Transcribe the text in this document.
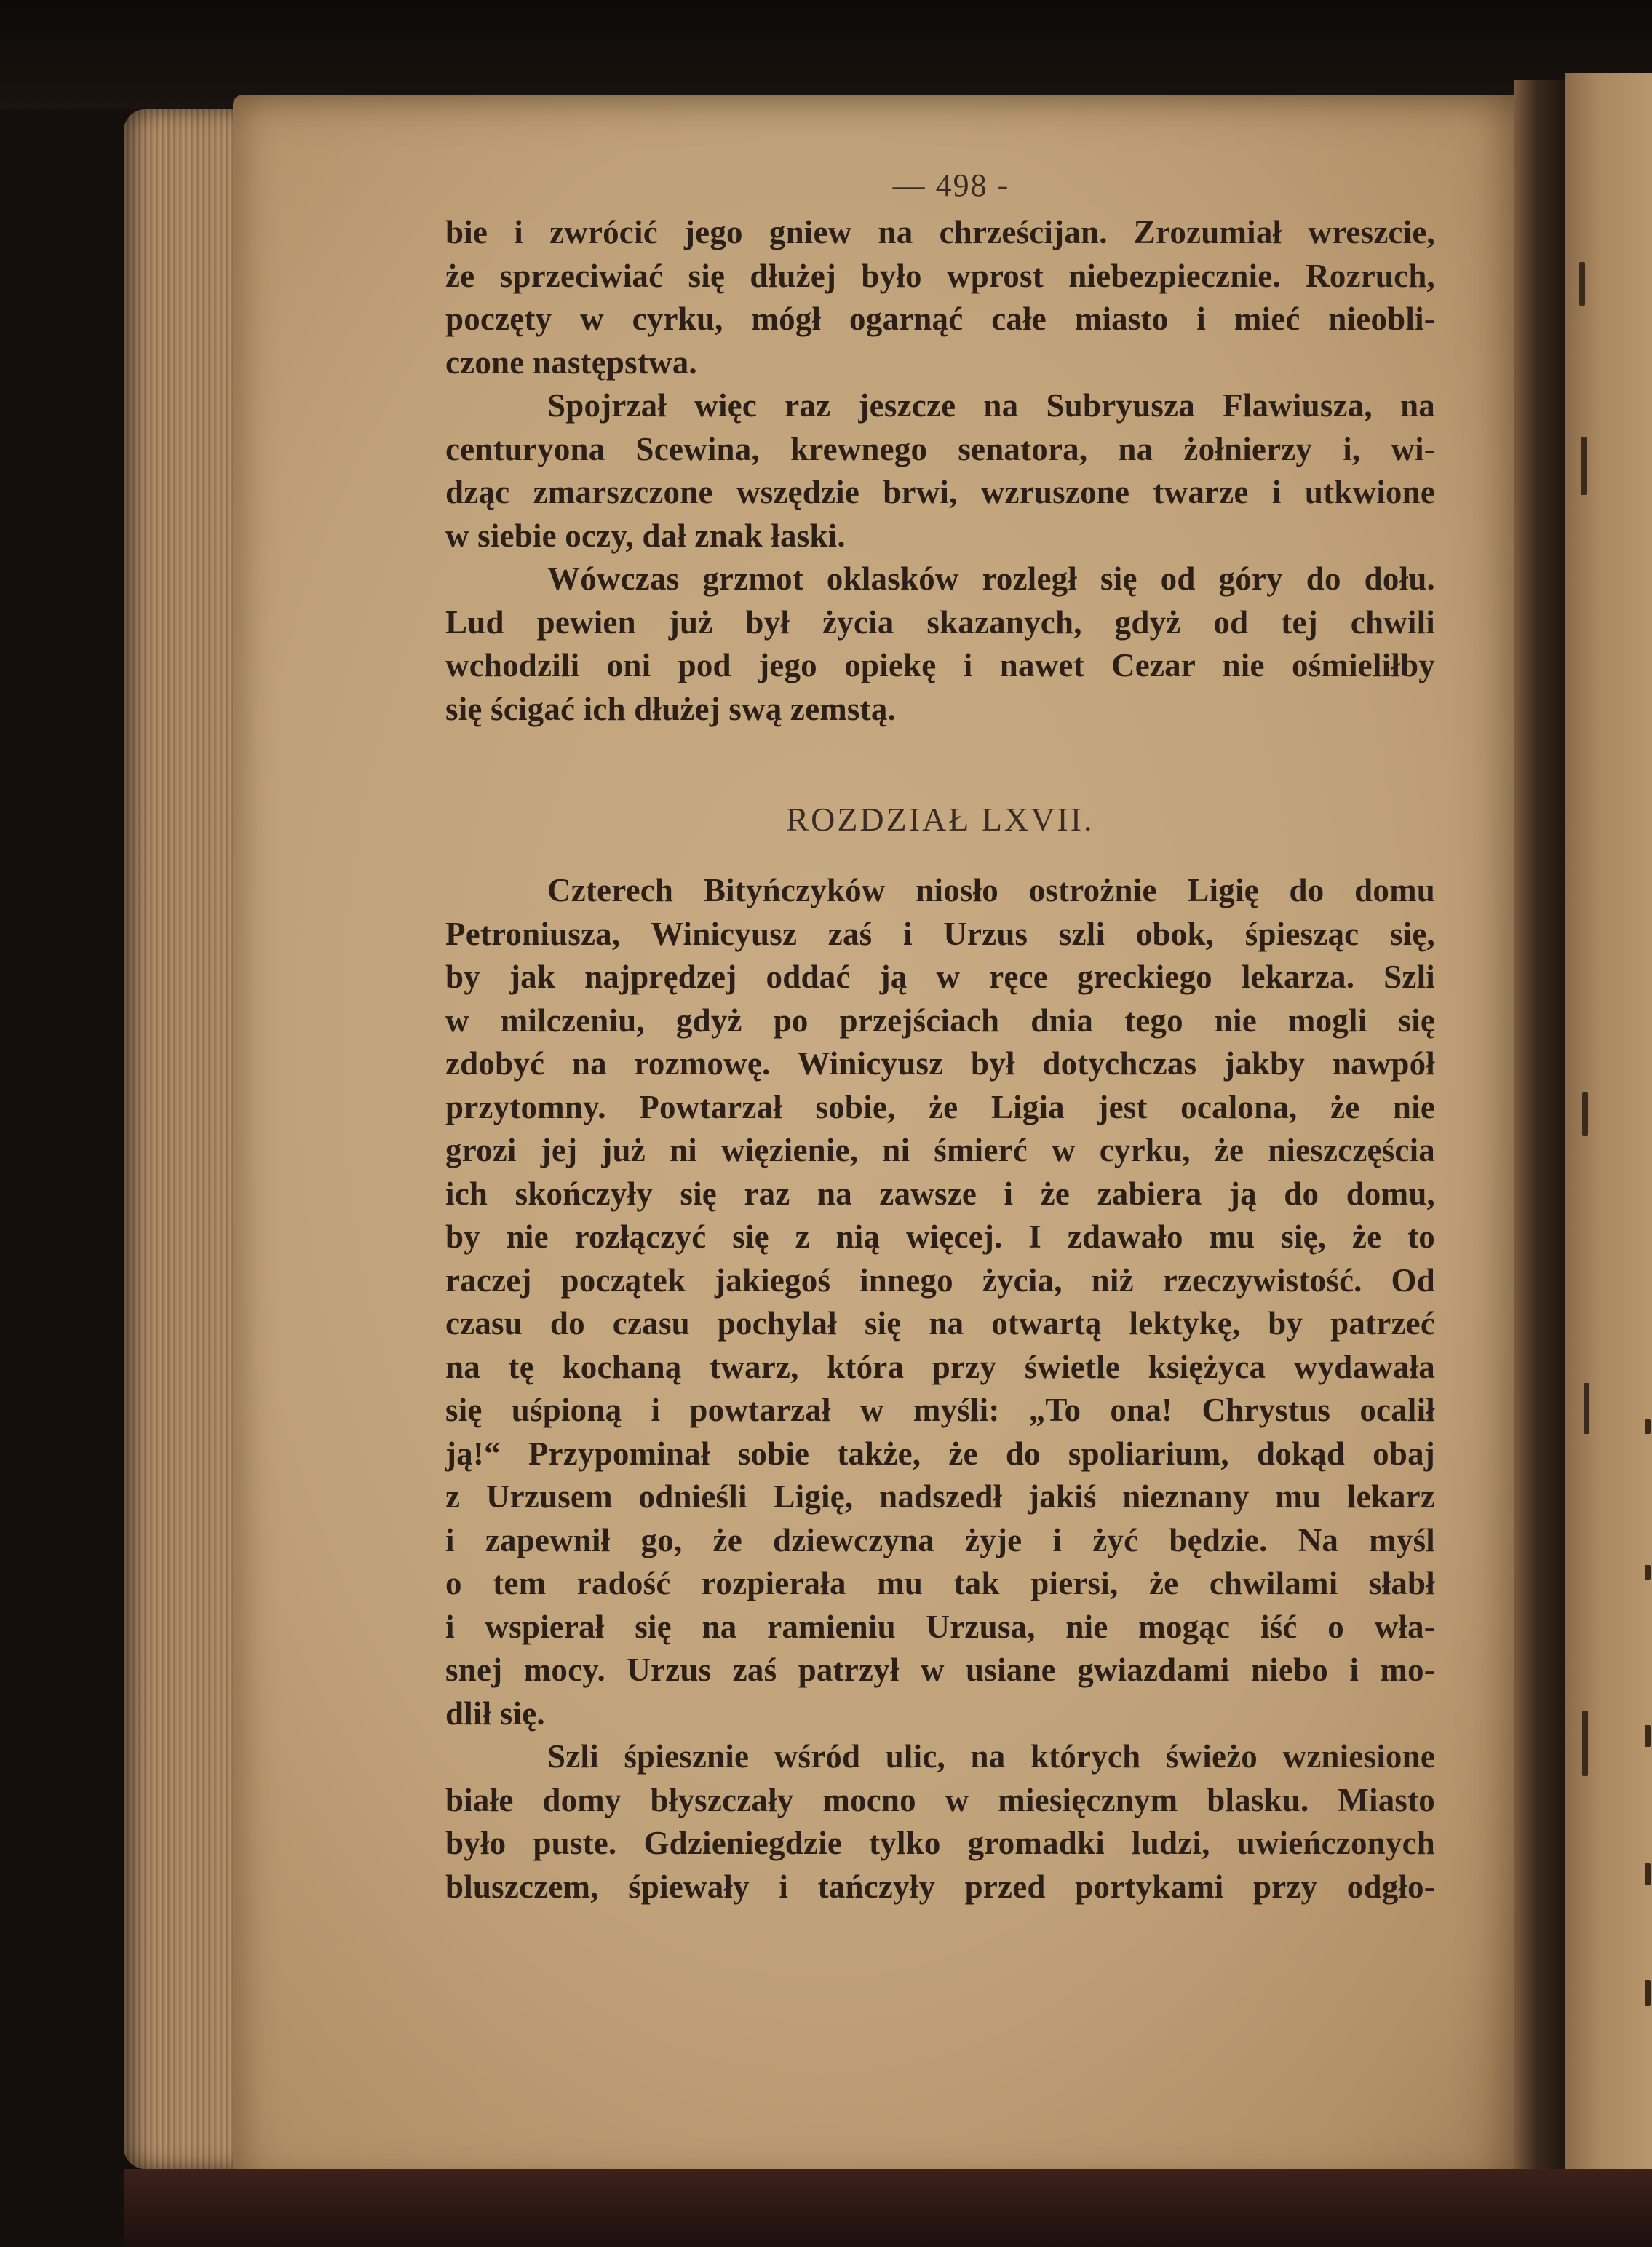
— 498 -
bie i zwrócić jego gniew na chrześcijan. Zrozumiał wreszcie,
że sprzeciwiać się dłużej było wprost niebezpiecznie. Rozruch,
poczęty w cyrku, mógł ogarnąć całe miasto i mieć nieobli-
czone następstwa.
Spojrzał więc raz jeszcze na Subryusza Flawiusza, na
centuryona Scewina, krewnego senatora, na żołnierzy i, wi-
dząc zmarszczone wszędzie brwi, wzruszone twarze i utkwione
w siebie oczy, dał znak łaski.
Wówczas grzmot oklasków rozległ się od góry do dołu.
Lud pewien już był życia skazanych, gdyż od tej chwili
wchodzili oni pod jego opiekę i nawet Cezar nie ośmieliłby
się ścigać ich dłużej swą zemstą.
ROZDZIAŁ LXVII.
Czterech Bityńczyków niosło ostrożnie Ligię do domu
Petroniusza, Winicyusz zaś i Urzus szli obok, śpiesząc się,
by jak najprędzej oddać ją w ręce greckiego lekarza. Szli
w milczeniu, gdyż po przejściach dnia tego nie mogli się
zdobyć na rozmowę. Winicyusz był dotychczas jakby nawpół
przytomny. Powtarzał sobie, że Ligia jest ocalona, że nie
grozi jej już ni więzienie, ni śmierć w cyrku, że nieszczęścia
ich skończyły się raz na zawsze i że zabiera ją do domu,
by nie rozłączyć się z nią więcej. I zdawało mu się, że to
raczej początek jakiegoś innego życia, niż rzeczywistość. Od
czasu do czasu pochylał się na otwartą lektykę, by patrzeć
na tę kochaną twarz, która przy świetle księżyca wydawała
się uśpioną i powtarzał w myśli: „To ona! Chrystus ocalił
ją!“ Przypominał sobie także, że do spoliarium, dokąd obaj
z Urzusem odnieśli Ligię, nadszedł jakiś nieznany mu lekarz
i zapewnił go, że dziewczyna żyje i żyć będzie. Na myśl
o tem radość rozpierała mu tak piersi, że chwilami słabł
i wspierał się na ramieniu Urzusa, nie mogąc iść o wła-
snej mocy. Urzus zaś patrzył w usiane gwiazdami niebo i mo-
dlił się.
Szli śpiesznie wśród ulic, na których świeżo wzniesione
białe domy błyszczały mocno w miesięcznym blasku. Miasto
było puste. Gdzieniegdzie tylko gromadki ludzi, uwieńczonych
bluszczem, śpiewały i tańczyły przed portykami przy odgło-
